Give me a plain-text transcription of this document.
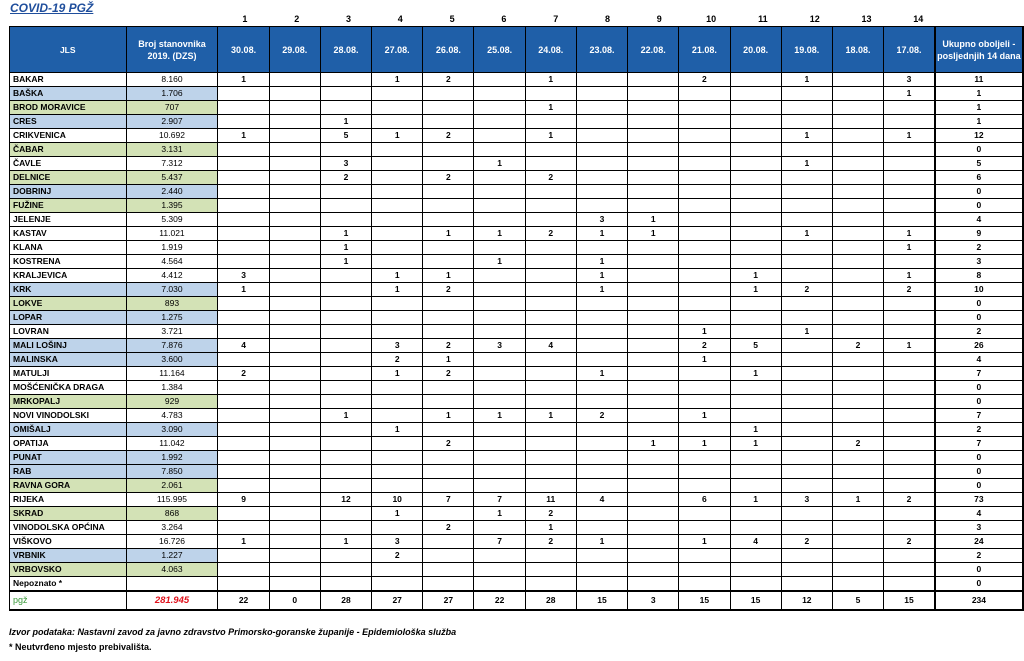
COVID-19 PGŽ
1	2	3	4	5	6	7	8	9	10	11	12	13	14
JLS	Broj stanovnika 2019. (DZS)	30.08.	29.08.	28.08.	27.08.	26.08.	25.08.	24.08.	23.08.	22.08.	21.08.	20.08.	19.08.	18.08.	17.08.	Ukupno oboljeli - posljednjih 14 dana
BAKAR	8.160	1			1	2		1			2		1		3	11
BAŠKA	1.706														1	1
BROD MORAVICE	707							1								1
CRES	2.907			1												1
CRIKVENICA	10.692	1		5	1	2		1					1		1	12
ČABAR	3.131															0
ČAVLE	7.312			3			1						1			5
DELNICE	5.437			2		2		2								6
DOBRINJ	2.440															0
FUŽINE	1.395															0
JELENJE	5.309								3	1						4
KASTAV	11.021			1		1	1	2	1	1			1		1	9
KLANA	1.919			1											1	2
KOSTRENA	4.564			1			1		1							3
KRALJEVICA	4.412	3			1	1			1			1			1	8
KRK	7.030	1			1	2			1			1	2		2	10
LOKVE	893															0
LOPAR	1.275															0
LOVRAN	3.721										1		1			2
MALI LOŠINJ	7.876	4			3	2	3	4			2	5		2	1	26
MALINSKA	3.600				2	1					1					4
MATULJI	11.164	2			1	2			1			1				7
MOŠĆENIČKA DRAGA	1.384															0
MRKOPALJ	929															0
NOVI VINODOLSKI	4.783			1		1	1	1	2		1					7
OMIŠALJ	3.090				1							1				2
OPATIJA	11.042					2				1	1	1		2		7
PUNAT	1.992															0
RAB	7.850															0
RAVNA GORA	2.061															0
RIJEKA	115.995	9		12	10	7	7	11	4		6	1	3	1	2	73
SKRAD	868				1		1	2								4
VINODOLSKA OPĆINA	3.264					2		1								3
VIŠKOVO	16.726	1		1	3		7	2	1		1	4	2		2	24
VRBNIK	1.227				2											2
VRBOVSKO	4.063															0
Nepoznato *																0
pgž	281.945	22	0	28	27	27	22	28	15	3	15	15	12	5	15	234
Izvor podataka: Nastavni zavod za javno zdravstvo Primorsko-goranske županije - Epidemiološka služba
* Neutvrđeno mjesto prebivališta.
